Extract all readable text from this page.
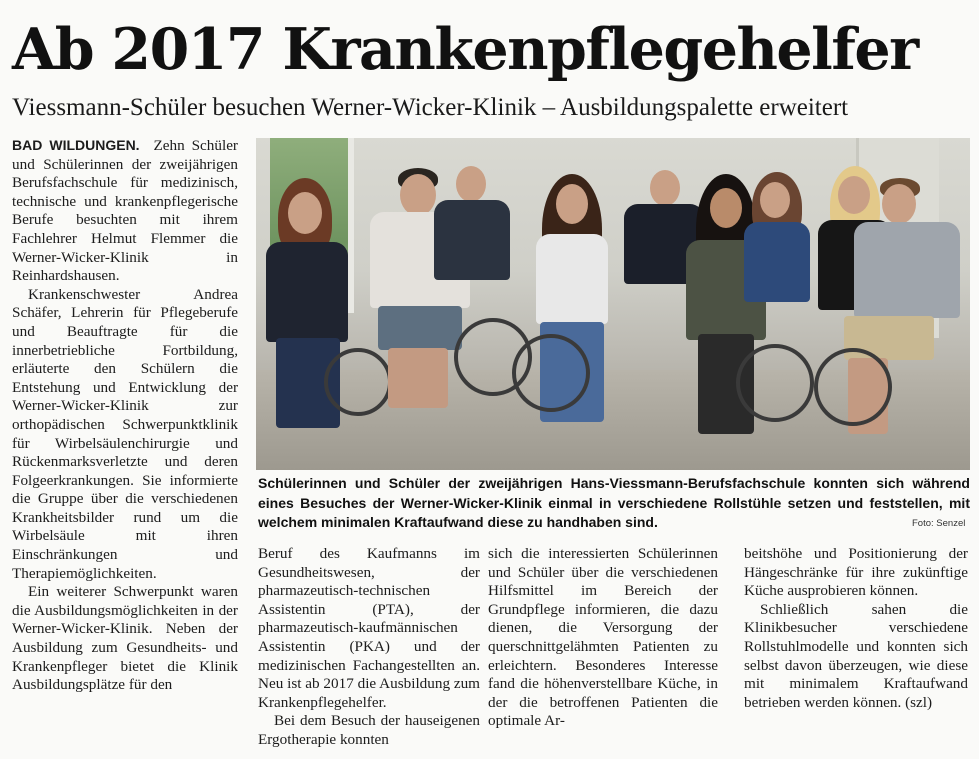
Ab 2017 Krankenpflegehelfer
Viessmann-Schüler besuchen Werner-Wicker-Klinik – Ausbildungspalette erweitert

BAD WILDUNGEN. Zehn Schüler und Schülerinnen der zweijährigen Berufsfachschule für medizinisch, technische und krankenpflegerische Berufe besuchten mit ihrem Fachlehrer Helmut Flemmer die Werner-Wicker-Klinik in Reinhardshausen.

Krankenschwester Andrea Schäfer, Lehrerin für Pflegeberufe und Beauftragte für die innerbetriebliche Fortbildung, erläuterte den Schülern die Entstehung und Entwicklung der Werner-Wicker-Klinik zur orthopädischen Schwerpunktklinik für Wirbelsäulenchirurgie und Rückenmarksverletzte und deren Folgeerkrankungen. Sie informierte die Gruppe über die verschiedenen Krankheitsbilder rund um die Wirbelsäule mit ihren Einschränkungen und Therapiemöglichkeiten.

Ein weiterer Schwerpunkt waren die Ausbildungsmöglichkeiten in der Werner-Wicker-Klinik. Neben der Ausbildung zum Gesundheits- und Krankenpfleger bietet die Klinik Ausbildungsplätze für den

Schülerinnen und Schüler der zweijährigen Hans-Viessmann-Berufsfachschule konnten sich während eines Besuches der Werner-Wicker-Klinik einmal in verschiedene Rollstühle setzen und feststellen, mit welchem minimalen Kraftaufwand diese zu handhaben sind.	Foto: Senzel

Beruf des Kaufmanns im Gesundheitswesen, der pharmazeutisch-technischen Assistentin (PTA), der pharmazeutisch-kaufmännischen Assistentin (PKA) und der medizinischen Fachangestellten an. Neu ist ab 2017 die Ausbildung zum Krankenpflegehelfer.

Bei dem Besuch der hauseigenen Ergotherapie konnten

sich die interessierten Schülerinnen und Schüler über die verschiedenen Hilfsmittel im Bereich der Grundpflege informieren, die dazu dienen, die Versorgung der querschnittgelähmten Patienten zu erleichtern. Besonderes Interesse fand die höhenverstellbare Küche, in der die betroffenen Patienten die optimale Ar-

beitshöhe und Positionierung der Hängeschränke für ihre zukünftige Küche ausprobieren können.

Schließlich sahen die Klinikbesucher verschiedene Rollstuhlmodelle und konnten sich selbst davon überzeugen, wie diese mit minimalem Kraftaufwand betrieben werden können. (szl)
